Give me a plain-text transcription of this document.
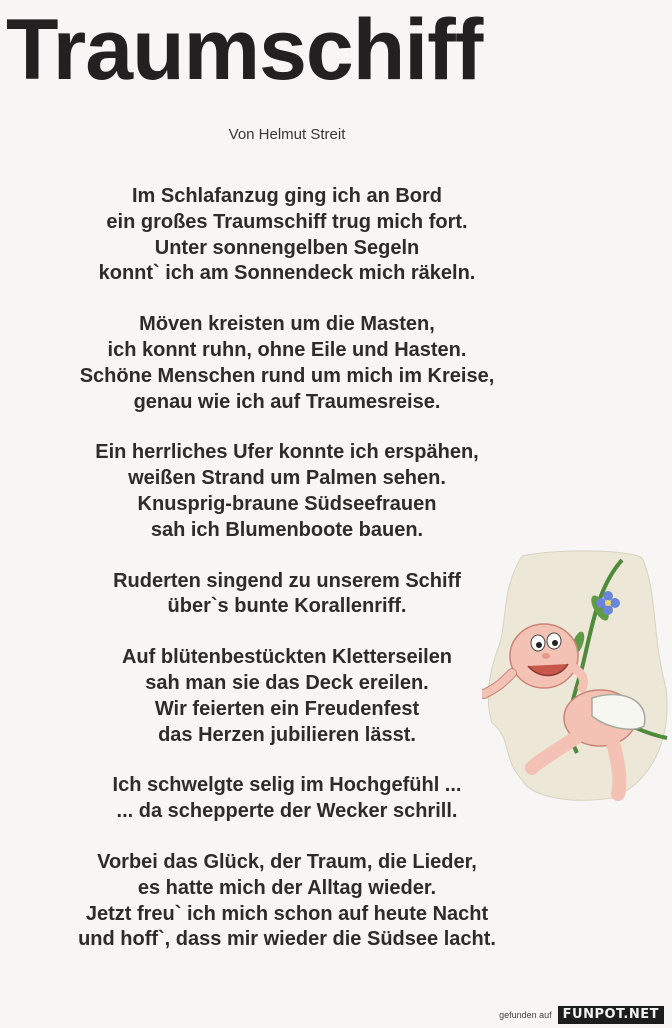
Traumschiff
Von Helmut Streit
Im Schlafanzug ging ich an Bord
ein großes Traumschiff trug mich fort.
Unter sonnengelben Segeln
konnt` ich am Sonnendeck mich räkeln.
Möven kreisten um die Masten,
ich konnt ruhn, ohne Eile und Hasten.
Schöne Menschen rund um mich im Kreise,
genau wie ich auf Traumesreise.
Ein herrliches Ufer konnte ich erspähen,
weißen Strand um Palmen sehen.
Knusprig-braune Südseefrauen
sah ich Blumenboote bauen.
Ruderten singend zu unserem Schiff
über`s bunte Korallenriff.
Auf blütenbestückten Kletterseilen
sah man sie das Deck ereilen.
Wir feierten ein Freudenfest
das Herzen jubilieren lässt.
Ich schwelgte selig im Hochgefühl ...
... da schepperte der Wecker schrill.
Vorbei das Glück, der Traum, die Lieder,
es hatte mich der Alltag wieder.
Jetzt freu` ich mich schon auf heute Nacht
und hoff`, dass mir wieder die Südsee lacht.
gefunden auf FUNPOT.NET
